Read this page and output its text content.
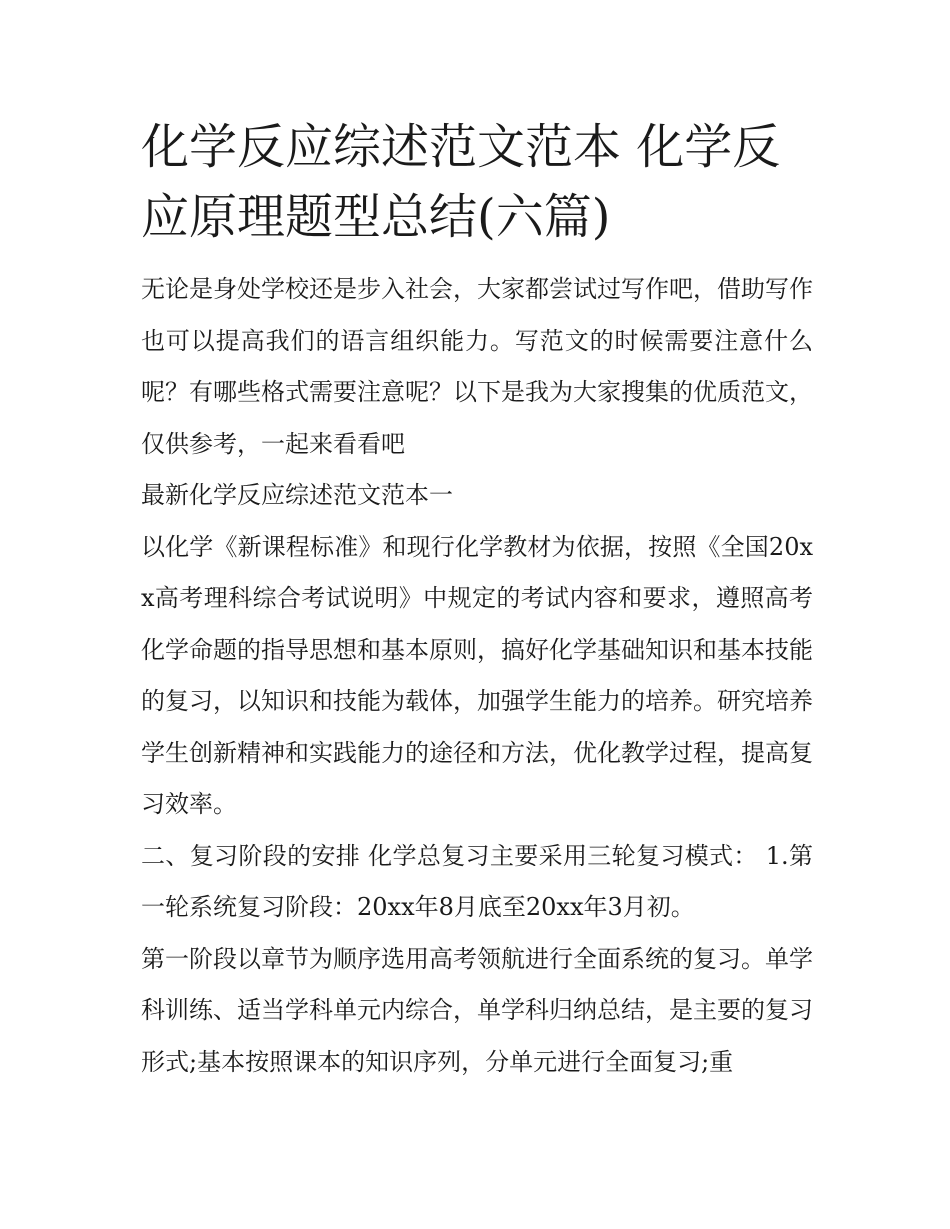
化学反应综述范文范本 化学反应原理题型总结(六篇)

无论是身处学校还是步入社会，大家都尝试过写作吧，借助写作也可以提高我们的语言组织能力。写范文的时候需要注意什么呢？有哪些格式需要注意呢？以下是我为大家搜集的优质范文，仅供参考，一起来看看吧

最新化学反应综述范文范本一

以化学《新课程标准》和现行化学教材为依据，按照《全国20xx高考理科综合考试说明》中规定的考试内容和要求，遵照高考化学命题的指导思想和基本原则，搞好化学基础知识和基本技能的复习，以知识和技能为载体，加强学生能力的培养。研究培养学生创新精神和实践能力的途径和方法，优化教学过程，提高复习效率。

二、复习阶段的安排 化学总复习主要采用三轮复习模式： 1.第一轮系统复习阶段：20xx年8月底至20xx年3月初。

第一阶段以章节为顺序选用高考领航进行全面系统的复习。单学科训练、适当学科单元内综合，单学科归纳总结，是主要的复习形式;基本按照课本的知识序列，分单元进行全面复习;重
